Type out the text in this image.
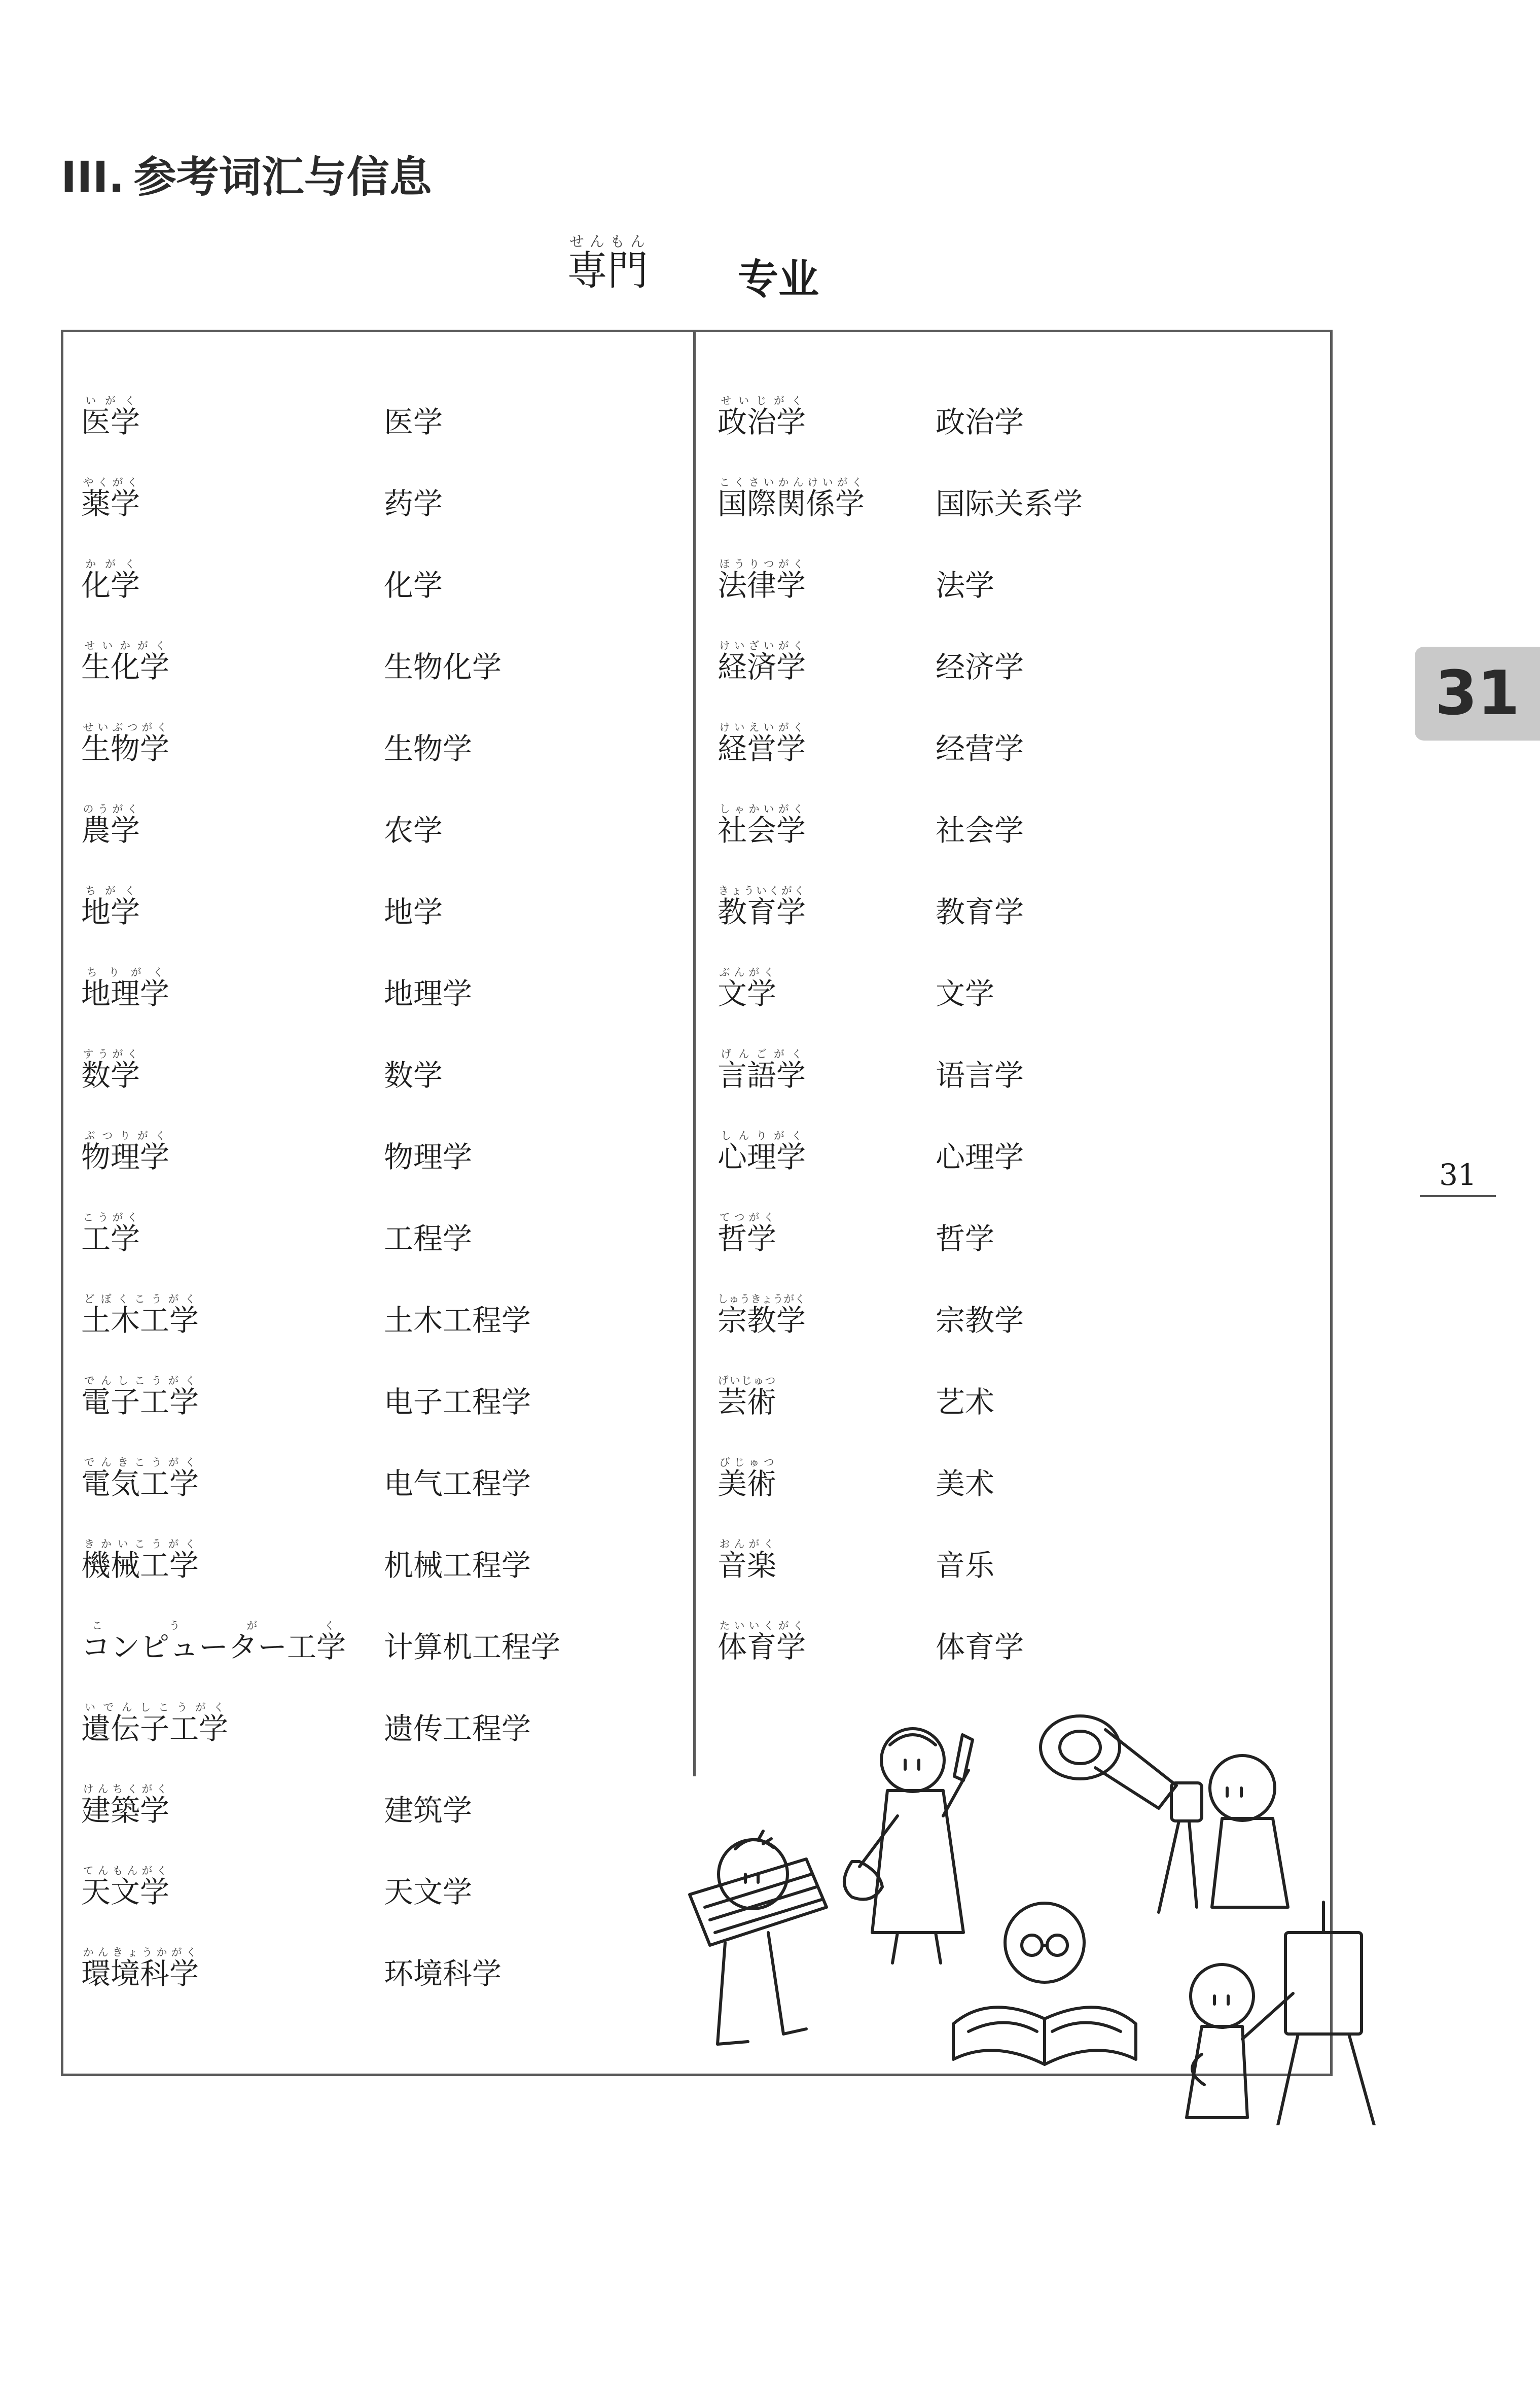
III. 参考词汇与信息
専門せんもん
专业
医学いがく
医学
薬学やくがく
药学
化学かがく
化学
生化学せいかがく
生物化学
生物学せいぶつがく
生物学
農学のうがく
农学
地学ちがく
地学
地理学ちりがく
地理学
数学すうがく
数学
物理学ぶつりがく
物理学
工学こうがく
工程学
土木工学どぼくこうがく
土木工程学
電子工学でんしこうがく
电子工程学
電気工学でんきこうがく
电气工程学
機械工学きかいこうがく
机械工程学
コンピューター工学こうがく
计算机工程学
遺伝子工学いでんしこうがく
遗传工程学
建築学けんちくがく
建筑学
天文学てんもんがく
天文学
環境科学かんきょうかがく
环境科学
政治学せいじがく
政治学
国際関係学こくさいかんけいがく
国际关系学
法律学ほうりつがく
法学
経済学けいざいがく
经济学
経営学けいえいがく
经营学
社会学しゃかいがく
社会学
教育学きょういくがく
教育学
文学ぶんがく
文学
言語学げんごがく
语言学
心理学しんりがく
心理学
哲学てつがく
哲学
宗教学しゅうきょうがく
宗教学
芸術げいじゅつ
艺术
美術びじゅつ
美术
音楽おんがく
音乐
体育学たいいくがく
体育学
31
31
